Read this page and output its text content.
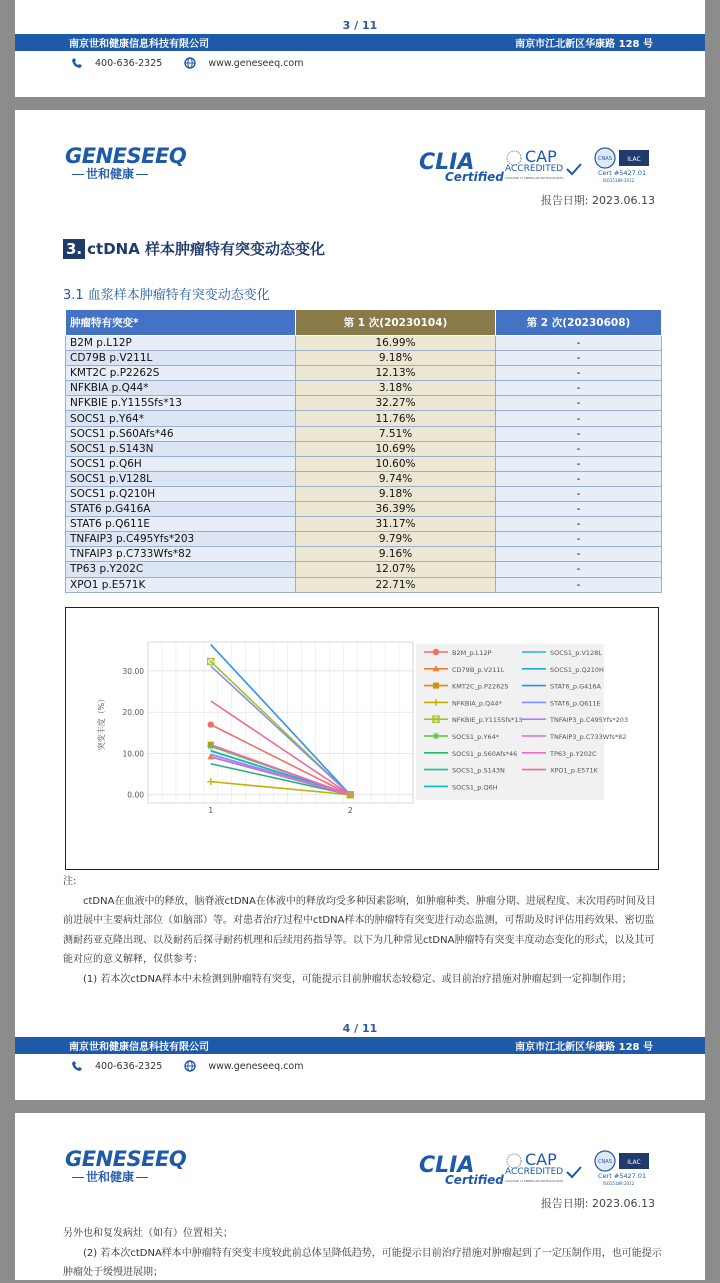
3 / 11
南京世和健康信息科技有限公司	南京市江北新区华康路 128 号
400-636-2325	www.geneseeq.com
GENESEEQ
世和健康	CLIA
Certified
CAP
ACCREDITED
COLLEGE of AMERICAN PATHOLOGISTS
CNAS	ILAC
Cert #5427.01
ISO15189:2012
报告日期: 2023.06.13
3. ctDNA 样本肿瘤特有突变动态变化
3.1 血浆样本肿瘤特有突变动态变化
肿瘤特有突变*	第 1 次(20230104)	第 2 次(20230608)
B2M p.L12P	16.99%	-
CD79B p.V211L	9.18%	-
KMT2C p.P2262S	12.13%	-
NFKBIA p.Q44*	3.18%	-
NFKBIE p.Y115Sfs*13	32.27%	-
SOCS1 p.Y64*	11.76%	-
SOCS1 p.S60Afs*46	7.51%	-
SOCS1 p.S143N	10.69%	-
SOCS1 p.Q6H	10.60%	-
SOCS1 p.V128L	9.74%	-
SOCS1 p.Q210H	9.18%	-
STAT6 p.G416A	36.39%	-
STAT6 p.Q611E	31.17%	-
TNFAIP3 p.C495Yfs*203	9.79%	-
TNFAIP3 p.C733Wfs*82	9.16%	-
TP63 p.Y202C	12.07%	-
XPO1 p.E571K	22.71%	-
0.00
10.00
20.00
30.00
1	2
突变丰度（%）
B2M_p.L12P
CD79B_p.V211L
KMT2C_p.P2262S
NFKBIA_p.Q44*
NFKBIE_p.Y115Sfs*13
SOCS1_p.Y64*
SOCS1_p.S60Afs*46
SOCS1_p.S143N
SOCS1_p.Q6H
SOCS1_p.V128L
SOCS1_p.Q210H
STAT6_p.G416A
STAT6_p.Q611E
TNFAIP3_p.C495Yfs*203
TNFAIP3_p.C733Wfs*82
TP63_p.Y202C
XPO1_p.E571K
注:

ctDNA在血液中的释放，脑脊液ctDNA在体液中的释放均受多种因素影响，如肿瘤种类、肿瘤分期、进展程度、末次用药时间及目前进展中主要病灶部位（如脑部）等。对患者治疗过程中ctDNA样本的肿瘤特有突变进行动态监测，可帮助及时评估用药效果、密切监测耐药亚克隆出现、以及耐药后探寻耐药机理和后续用药指导等。以下为几种常见ctDNA肿瘤特有突变丰度动态变化的形式，以及其可能对应的意义解释，仅供参考：

(1) 若本次ctDNA样本中未检测到肿瘤特有突变，可能提示目前肿瘤状态较稳定、或目前治疗措施对肿瘤起到一定抑制作用；

4 / 11
南京世和健康信息科技有限公司	南京市江北新区华康路 128 号
400-636-2325	www.geneseeq.com
GENESEEQ
世和健康	CLIA
Certified
CAP
ACCREDITED
COLLEGE of AMERICAN PATHOLOGISTS
CNAS	ILAC
Cert #5427.01
ISO15189:2012
报告日期: 2023.06.13
另外也和复发病灶（如有）位置相关；

(2) 若本次ctDNA样本中肿瘤特有突变丰度较此前总体呈降低趋势，可能提示目前治疗措施对肿瘤起到了一定压制作用，也可能提示肿瘤处于缓慢进展期；
